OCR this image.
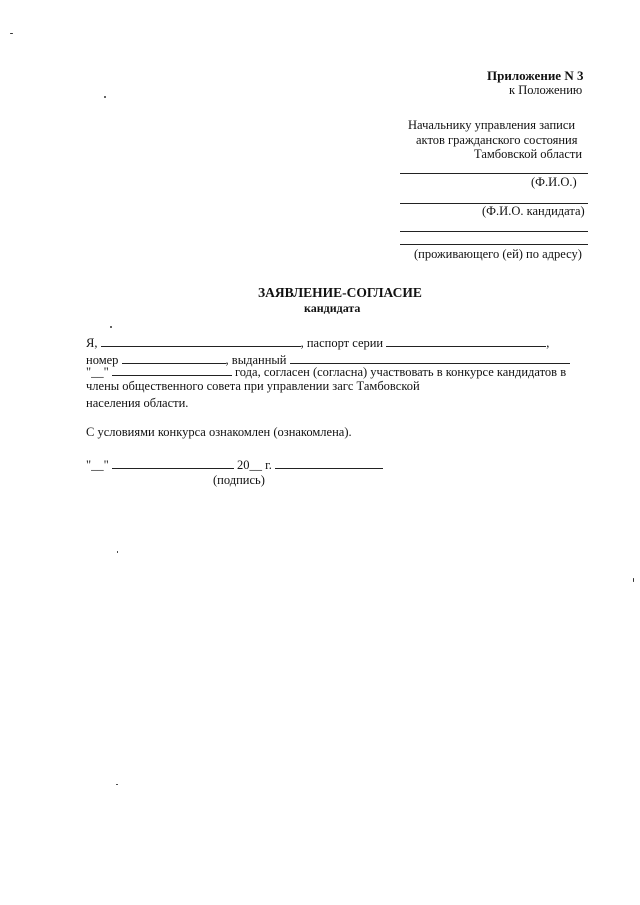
Приложение N 3
к Положению
Начальнику управления записи
актов гражданского состояния
Тамбовской области
(Ф.И.О.)
(Ф.И.О. кандидата)
(проживающего (ей) по адресу)
ЗАЯВЛЕНИЕ-СОГЛАСИЕ
кандидата
Я,	, паспорт серии	,
номер	, выданный
"__"	года, согласен (согласна) участвовать в конкурсе кандидатов в
члены общественного совета при управлении загс Тамбовской
населения области.
С условиями конкурса ознакомлен (ознакомлена).
"__"	20__ г.
(подпись)
